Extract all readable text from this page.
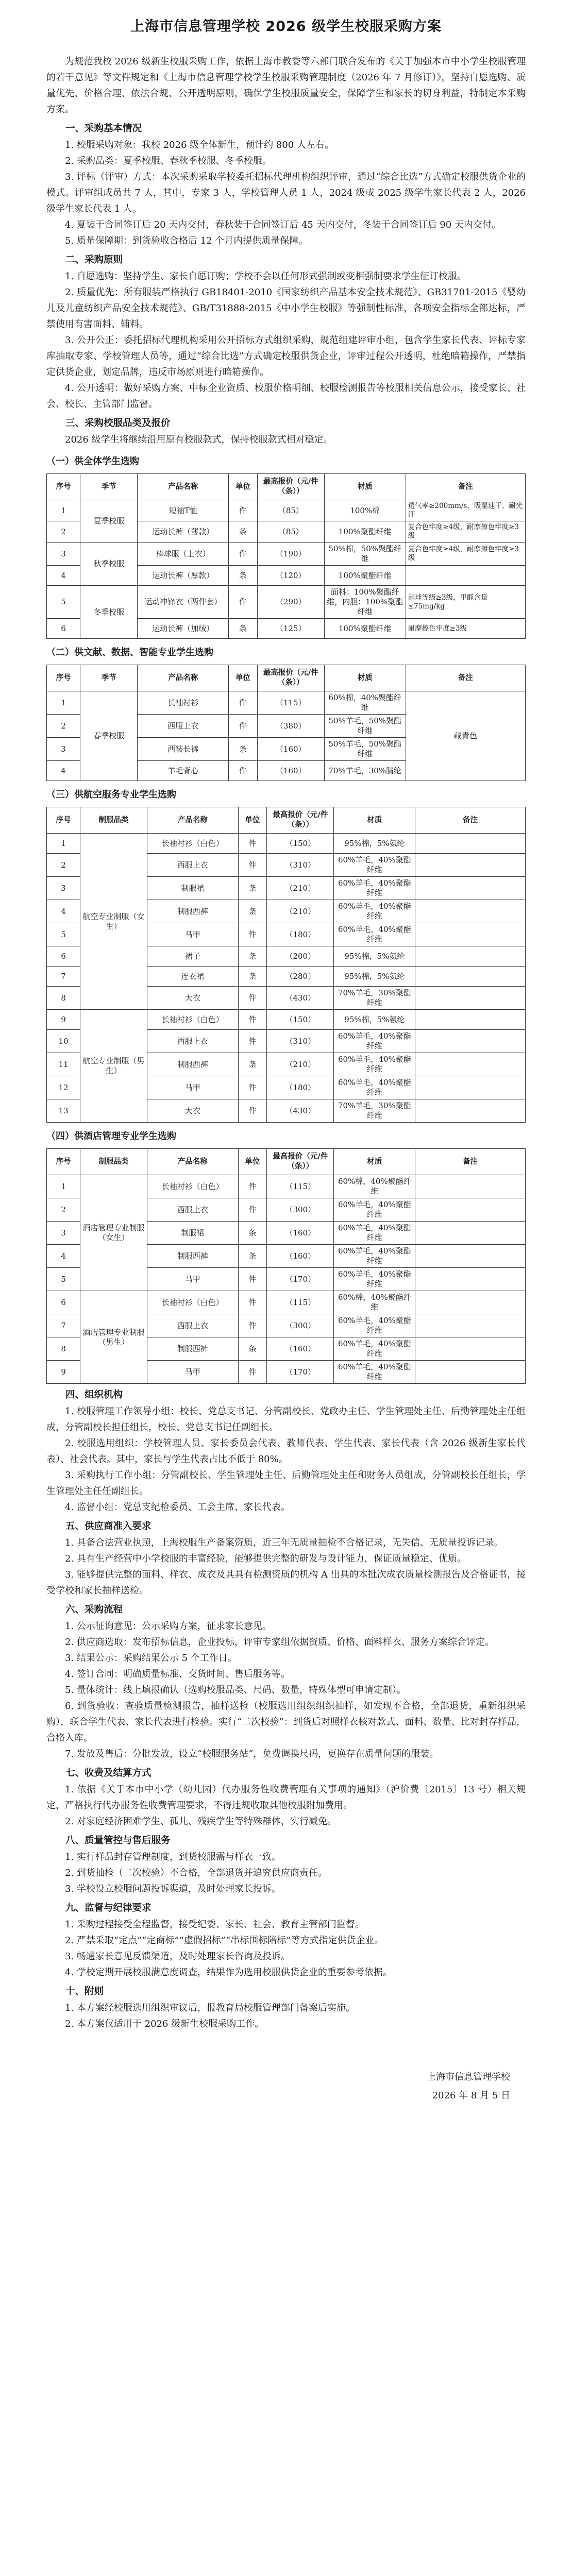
上海市信息管理学校 2026 级学生校服采购方案

为规范我校 2026 级新生校服采购工作，依据上海市教委等六部门联合发布的《关于加强本市中小学生校服管理的若干意见》等文件规定和《上海市信息管理学校学生校服采购管理制度（2026 年 7 月修订）》，坚持自愿选购、质量优先、价格合理、依法合规、公开透明原则，确保学生校服质量安全，保障学生和家长的切身利益，特制定本采购方案。

一、采购基本情况

1. 校服采购对象：我校 2026 级全体新生，预计约 800 人左右。

2. 采购品类：夏季校服、春秋季校服、冬季校服。

3. 评标（评审）方式：本次采购采取学校委托招标代理机构组织评审，通过“综合比选”方式确定校服供货企业的模式。评审组成员共 7 人，其中，专家 3 人，学校管理人员 1 人，2024 级或 2025 级学生家长代表 2 人，2026 级学生家长代表 1 人。

4. 夏装于合同签订后 20 天内交付，春秋装于合同签订后 45 天内交付，冬装于合同签订后 90 天内交付。

5. 质量保障期：到货验收合格后 12 个月内提供质量保障。

二、采购原则

1. 自愿选购：坚持学生、家长自愿订购；学校不会以任何形式强制或变相强制要求学生征订校服。

2. 质量优先：所有服装严格执行 GB18401-2010《国家纺织产品基本安全技术规范》、GB31701-2015《婴幼儿及儿童纺织产品安全技术规范》、GB/T31888-2015《中小学生校服》等强制性标准，各项安全指标全部达标，严禁使用有害面料、辅料。

3. 公开公正：委托招标代理机构采用公开招标方式组织采购，规范组建评审小组，包含学生家长代表、评标专家库抽取专家、学校管理人员等，通过“综合比选”方式确定校服供货企业，评审过程公开透明，杜绝暗箱操作，严禁指定供货企业，划定品牌，违反市场原则进行暗箱操作。

4. 公开透明：做好采购方案、中标企业资质、校服价格明细、校服检测报告等校服相关信息公示，接受家长、社会、校长、主管部门监督。

三、采购校服品类及报价

2026 级学生将继续沿用原有校服款式，保持校服款式相对稳定。

（一）供全体学生选购
序号	季节	产品名称	单位	最高报价（元/件（条））	材质	备注
1	夏季校服	短袖T恤	件	（85）	100%棉	透气率≥200mm/s，吸湿速干，耐光汗
2		运动长裤（薄款）	条	（85）	100%聚酯纤维	复合色牢度≥4级，耐摩擦色牢度≥3级
3	秋季校服	棒球服（上衣）	件	（190）	50%棉，50%聚酯纤维	复合色牢度≥4级，耐摩擦色牢度≥3级
4		运动长裤（厚款）	条	（120）	100%聚酯纤维	
5	冬季校服	运动冲锋衣（两件套）	件	（290）	面料：100%聚酯纤维，内胆：100%聚酯纤维	起球等级≥3级，甲醛含量≤75mg/kg
6		运动长裤（加绒）	条	（125）	100%聚酯纤维	耐摩擦色牢度≥3级
（二）供文献、数据、智能专业学生选购
序号	季节	产品名称	单位	最高报价（元/件（条））	材质	备注
1	春季校服	长袖衬衫	件	（115）	60%棉，40%聚酯纤维	藏青色
2		西服上衣	件	（380）	50%羊毛，50%聚酯纤维	
3		西装长裤	条	（160）	50%羊毛，50%聚酯纤维	
4		羊毛背心	件	（160）	70%羊毛，30%腈纶	
（三）供航空服务专业学生选购
序号	制服品类	产品名称	单位	最高报价（元/件（条））	材质	备注
1	航空专业制服（女生）	长袖衬衫（白色）	件	（150）	95%棉，5%氨纶	
2		西服上衣	件	（310）	60%羊毛，40%聚酯纤维	
3		制服裙	条	（210）	60%羊毛，40%聚酯纤维	
4		制服西裤	条	（210）	60%羊毛，40%聚酯纤维	
5		马甲	件	（180）	60%羊毛，40%聚酯纤维	
6		裙子	条	（200）	95%棉，5%氨纶	
7		连衣裙	条	（280）	95%棉，5%氨纶	
8		大衣	件	（430）	70%羊毛，30%聚酯纤维	
9	航空专业制服（男生）	长袖衬衫（白色）	件	（150）	95%棉，5%氨纶	
10		西服上衣	件	（310）	60%羊毛，40%聚酯纤维	
11		制服西裤	条	（210）	60%羊毛，40%聚酯纤维	
12		马甲	件	（180）	60%羊毛，40%聚酯纤维	
13		大衣	件	（430）	70%羊毛，30%聚酯纤维	
（四）供酒店管理专业学生选购
序号	制服品类	产品名称	单位	最高报价（元/件（条））	材质	备注
1	酒店管理专业制服（女生）	长袖衬衫（白色）	件	（115）	60%棉，40%聚酯纤维	
2		西服上衣	件	（300）	60%羊毛，40%聚酯纤维	
3		制服裙	条	（160）	60%羊毛，40%聚酯纤维	
4		制服西裤	条	（160）	60%羊毛，40%聚酯纤维	
5		马甲	件	（170）	60%羊毛，40%聚酯纤维	
6	酒店管理专业制服（男生）	长袖衬衫（白色）	件	（115）	60%棉，40%聚酯纤维	
7		西服上衣	件	（300）	60%羊毛，40%聚酯纤维	
8		制服西裤	条	（160）	60%羊毛，40%聚酯纤维	
9		马甲	件	（170）	60%羊毛，40%聚酯纤维	
四、组织机构

1. 校服管理工作领导小组：校长、党总支书记、分管副校长、党政办主任、学生管理处主任、后勤管理处主任组成，分管副校长担任组长，校长、党总支书记任副组长。

2. 校服选用组织：学校管理人员、家长委员会代表、教师代表、学生代表、家长代表（含 2026 级新生家长代表）、社会代表。其中，家长与学生代表占比不低于 80%。

3. 采购执行工作小组：分管副校长、学生管理处主任、后勤管理处主任和财务人员组成，分管副校长任组长，学生管理处主任任副组长。

4. 监督小组：党总支纪检委员、工会主席、家长代表。

五、供应商准入要求

1. 具备合法营业执照，上海校服生产备案资质，近三年无质量抽检不合格记录，无失信、无质量投诉记录。

2. 具有生产经营中小学校服的丰富经验，能够提供完整的研发与设计能力，保证质量稳定、优质。

3. 能够提供完整的面料、样衣、成衣及其具有检测资质的机构 A 出具的本批次成衣质量检测报告及合格证书，接受学校和家长抽样送检。

六、采购流程

1. 公示征询意见：公示采购方案，征求家长意见。

2. 供应商选取：发布招标信息，企业投标，评审专家组依据资质、价格、面料样衣、服务方案综合评定。

3. 结果公示：采购结果公示 5 个工作日。

4. 签订合同：明确质量标准、交货时间、售后服务等。

5. 量体统计：线上填报确认（选购校服品类、尺码、数量，特殊体型可申请定制）。

6. 到货验收：查验质量检测报告，抽样送检（校服选用组织组织抽样，如发现不合格，全部退货，重新组织采购），联合学生代表、家长代表进行检验。实行“二次校验”：到货后对照样衣核对款式、面料、数量、比对封存样品，合格入库。

7. 发放及售后：分批发放，设立“校服服务站”，免费调换尺码，更换存在质量问题的服装。

七、收费及结算方式

1. 依据《关于本市中小学（幼儿园）代办服务性收费管理有关事项的通知》（沪价费〔2015〕13 号）相关规定，严格执行代办服务性收费管理要求，不得违规收取其他校服附加费用。

2. 对家庭经济困难学生、孤儿、残疾学生等特殊群体，实行减免。

八、质量管控与售后服务

1. 实行样品封存管理制度，到货校服需与样衣一致。

2. 到货抽检（二次校验）不合格，全部退货并追究供应商责任。

3. 学校设立校服问题投诉渠道，及时处理家长投诉。

九、监督与纪律要求

1. 采购过程接受全程监督，接受纪委、家长、社会、教育主管部门监督。

2. 严禁采取“定点”“定商标”“虚假招标”“串标围标陪标”等方式指定供货企业。

3. 畅通家长意见反馈渠道，及时处理家长咨询及投诉。

4. 学校定期开展校服满意度调查，结果作为选用校服供货企业的重要参考依据。

十、附则

1. 本方案经校服选用组织审议后，报教育局校服管理部门备案后实施。

2. 本方案仅适用于 2026 级新生校服采购工作。

上海市信息管理学校
2026 年 8 月 5 日
